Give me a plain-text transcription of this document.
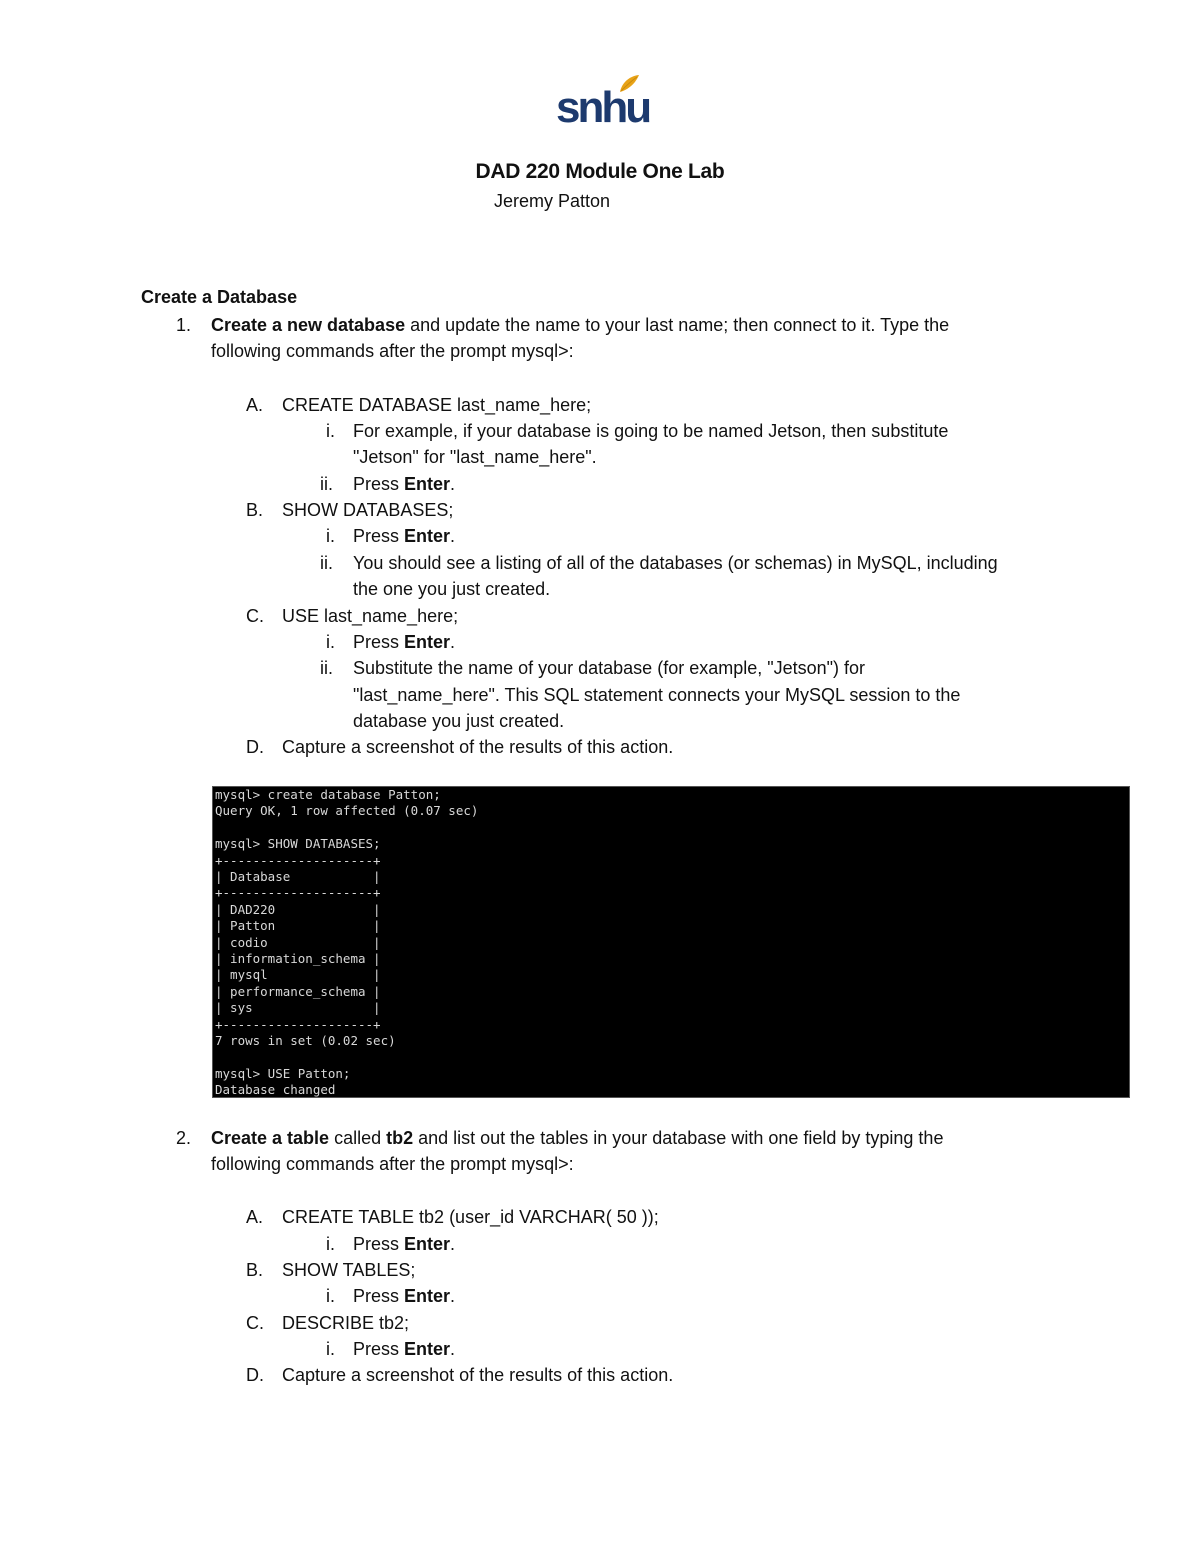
snhu
DAD 220 Module One Lab
Jeremy Patton
Create a Database
1. Create a new database and update the name to your last name; then connect to it. Type the
following commands after the prompt mysql>:
A. CREATE DATABASE last_name_here;
i. For example, if your database is going to be named Jetson, then substitute
"Jetson" for "last_name_here".
ii. Press Enter.
B. SHOW DATABASES;
i. Press Enter.
ii. You should see a listing of all of the databases (or schemas) in MySQL, including
the one you just created.
C. USE last_name_here;
i. Press Enter.
ii. Substitute the name of your database (for example, "Jetson") for
"last_name_here". This SQL statement connects your MySQL session to the
database you just created.
D. Capture a screenshot of the results of this action.
mysql> create database Patton;
Query OK, 1 row affected (0.07 sec)

mysql> SHOW DATABASES;
+--------------------+
| Database           |
+--------------------+
| DAD220             |
| Patton             |
| codio              |
| information_schema |
| mysql              |
| performance_schema |
| sys                |
+--------------------+
7 rows in set (0.02 sec)

mysql> USE Patton;
Database changed
2. Create a table called tb2 and list out the tables in your database with one field by typing the
following commands after the prompt mysql>:
A. CREATE TABLE tb2 (user_id VARCHAR( 50 ));
i. Press Enter.
B. SHOW TABLES;
i. Press Enter.
C. DESCRIBE tb2;
i. Press Enter.
D. Capture a screenshot of the results of this action.
